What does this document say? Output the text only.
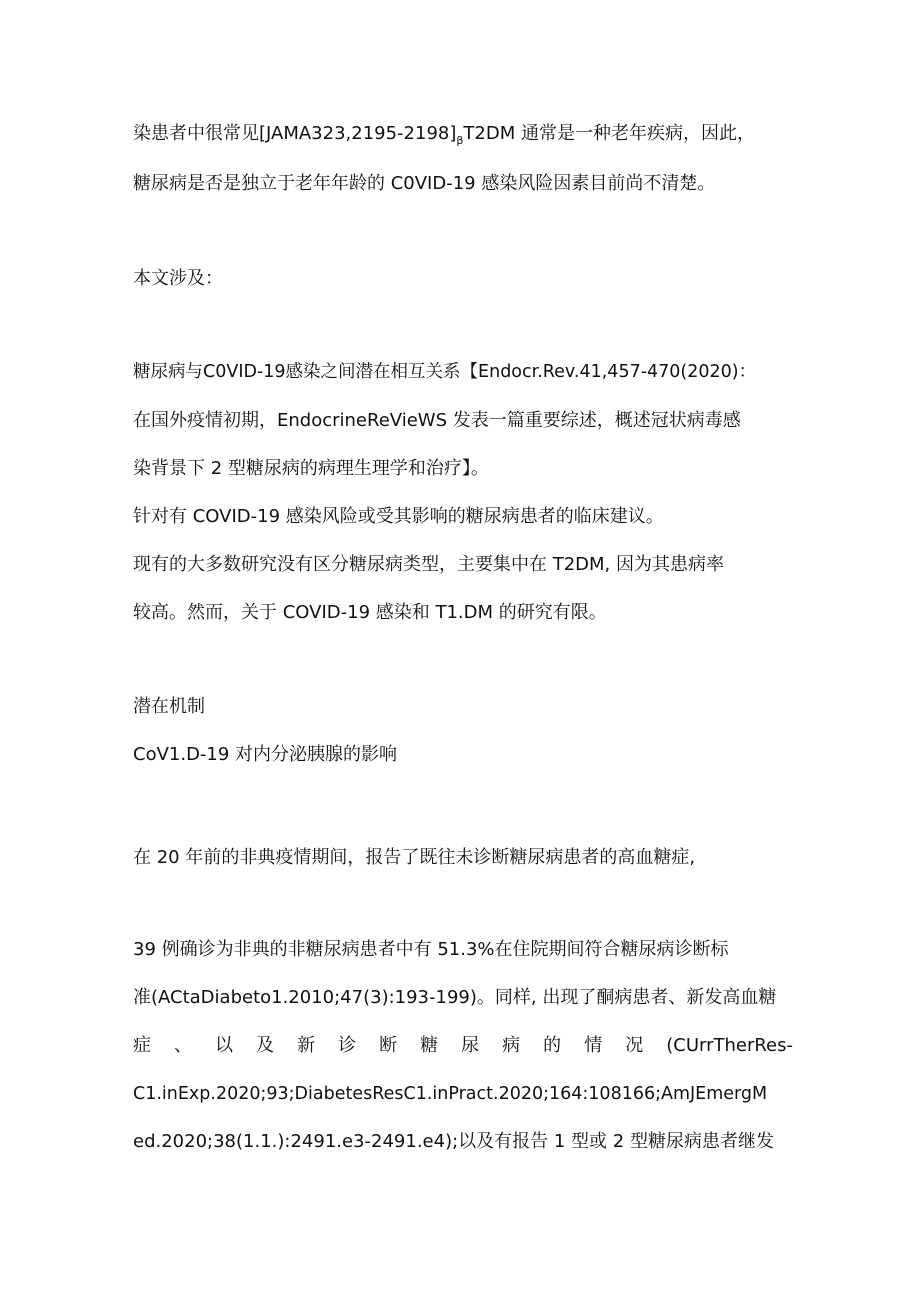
染患者中很常见$[JAMA323,2195-2198]_\beta T2DM$ 通常是一种老年疾病，因此，
糖尿病是否是独立于老年年龄的 C0VID-19 感染风险因素目前尚不清楚。
本文涉及：
糖尿病与C0VID-19感染之间潜在相互关系【Endocr.Rev.41,457-470(2020)：
在国外疫情初期，EndocrineReVieWS 发表一篇重要综述，概述冠状病毒感
染背景下 2 型糖尿病的病理生理学和治疗】。
针对有 COVID-19 感染风险或受其影响的糖尿病患者的临床建议。
现有的大多数研究没有区分糖尿病类型，主要集中在 T2DM, 因为其患病率
较高。然而，关于 COVID-19 感染和 T1.DM 的研究有限。
潜在机制
CoV1.D-19 对内分泌胰腺的影响
在 20 年前的非典疫情期间，报告了既往未诊断糖尿病患者的高血糖症,
39 例确诊为非典的非糖尿病患者中有 51.3%在住院期间符合糖尿病诊断标
准(ACtaDiabeto1.2010;47(3):193-199)。同样, 出现了酮病患者、新发高血糖
症 、 以 及 新 诊 断 糖 尿 病 的 情 况 (CUrrTherRes-
C1.inExp.2020;93;DiabetesResC1.inPract.2020;164:108166;AmJEmergM
ed.2020;38(1.1.):2491.e3-2491.e4);以及有报告 1 型或 2 型糖尿病患者继发
